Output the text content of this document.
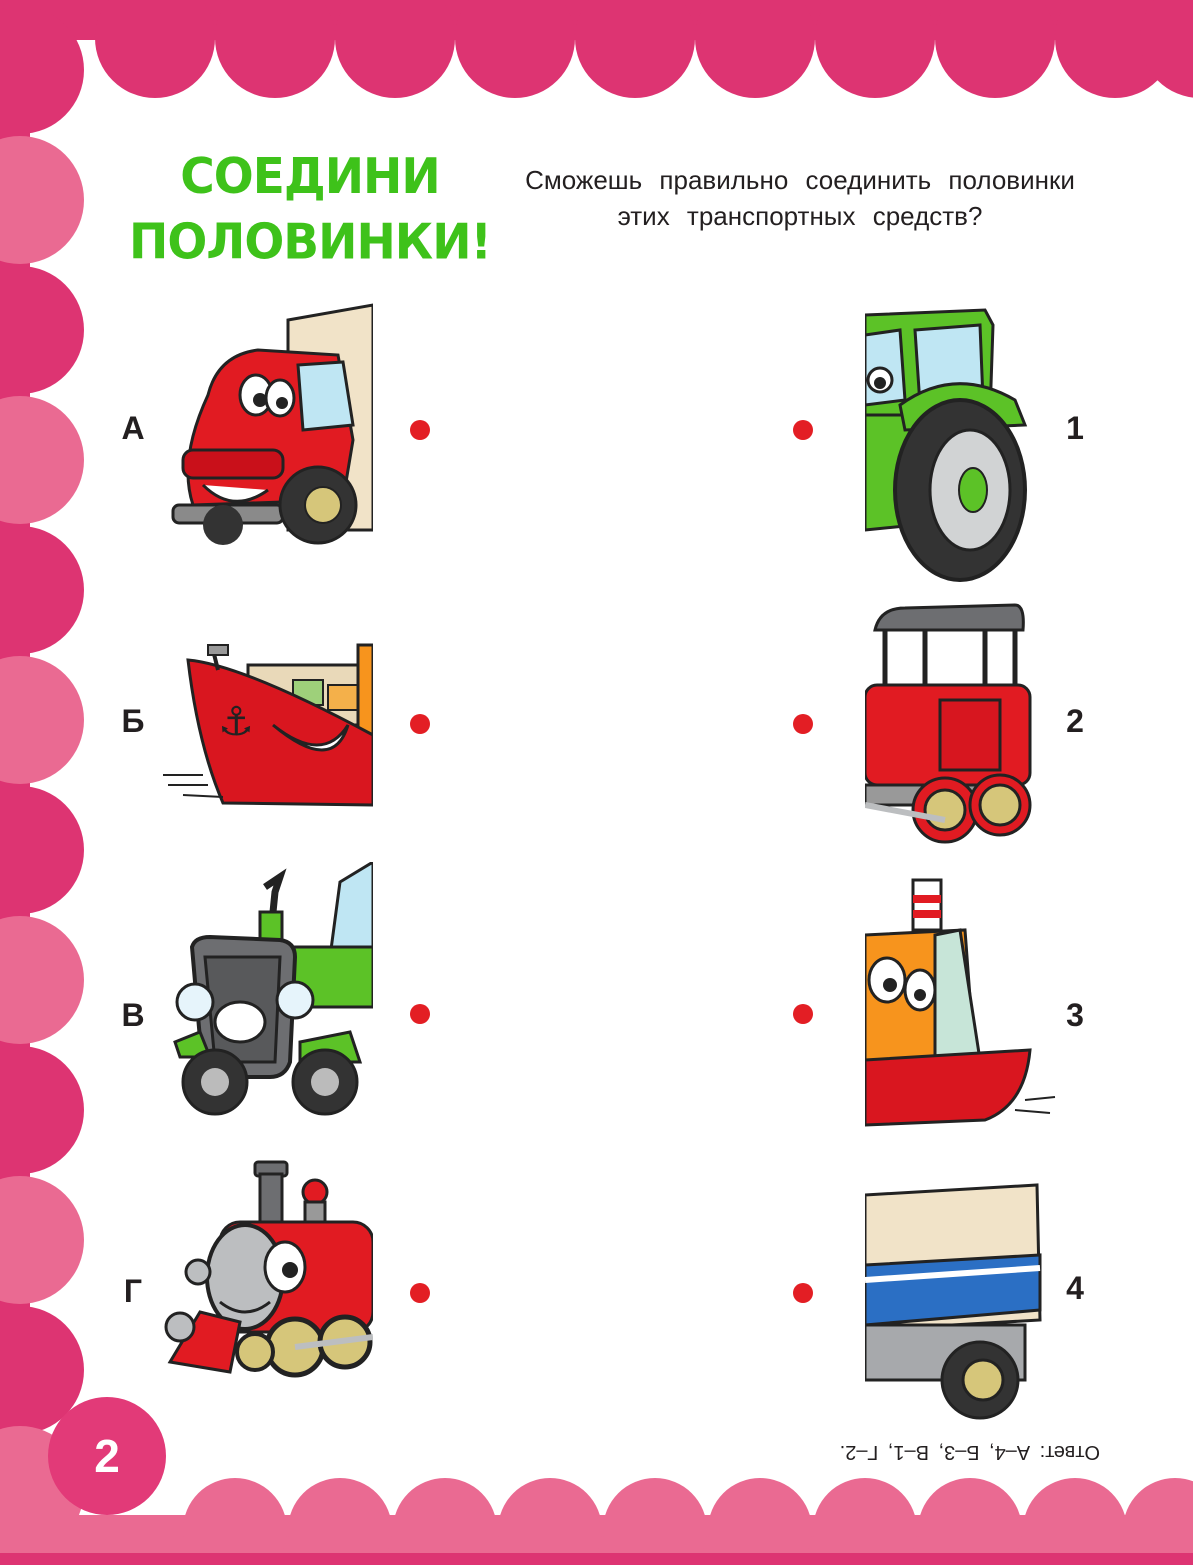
СОЕДИНИ
ПОЛОВИНКИ!
Сможешь правильно соединить половинки
этих транспортных средств?
А
Б
В
Г
⚓
1
2
3
4
Ответ: А–4, Б–3, В–1, Г–2.
2
